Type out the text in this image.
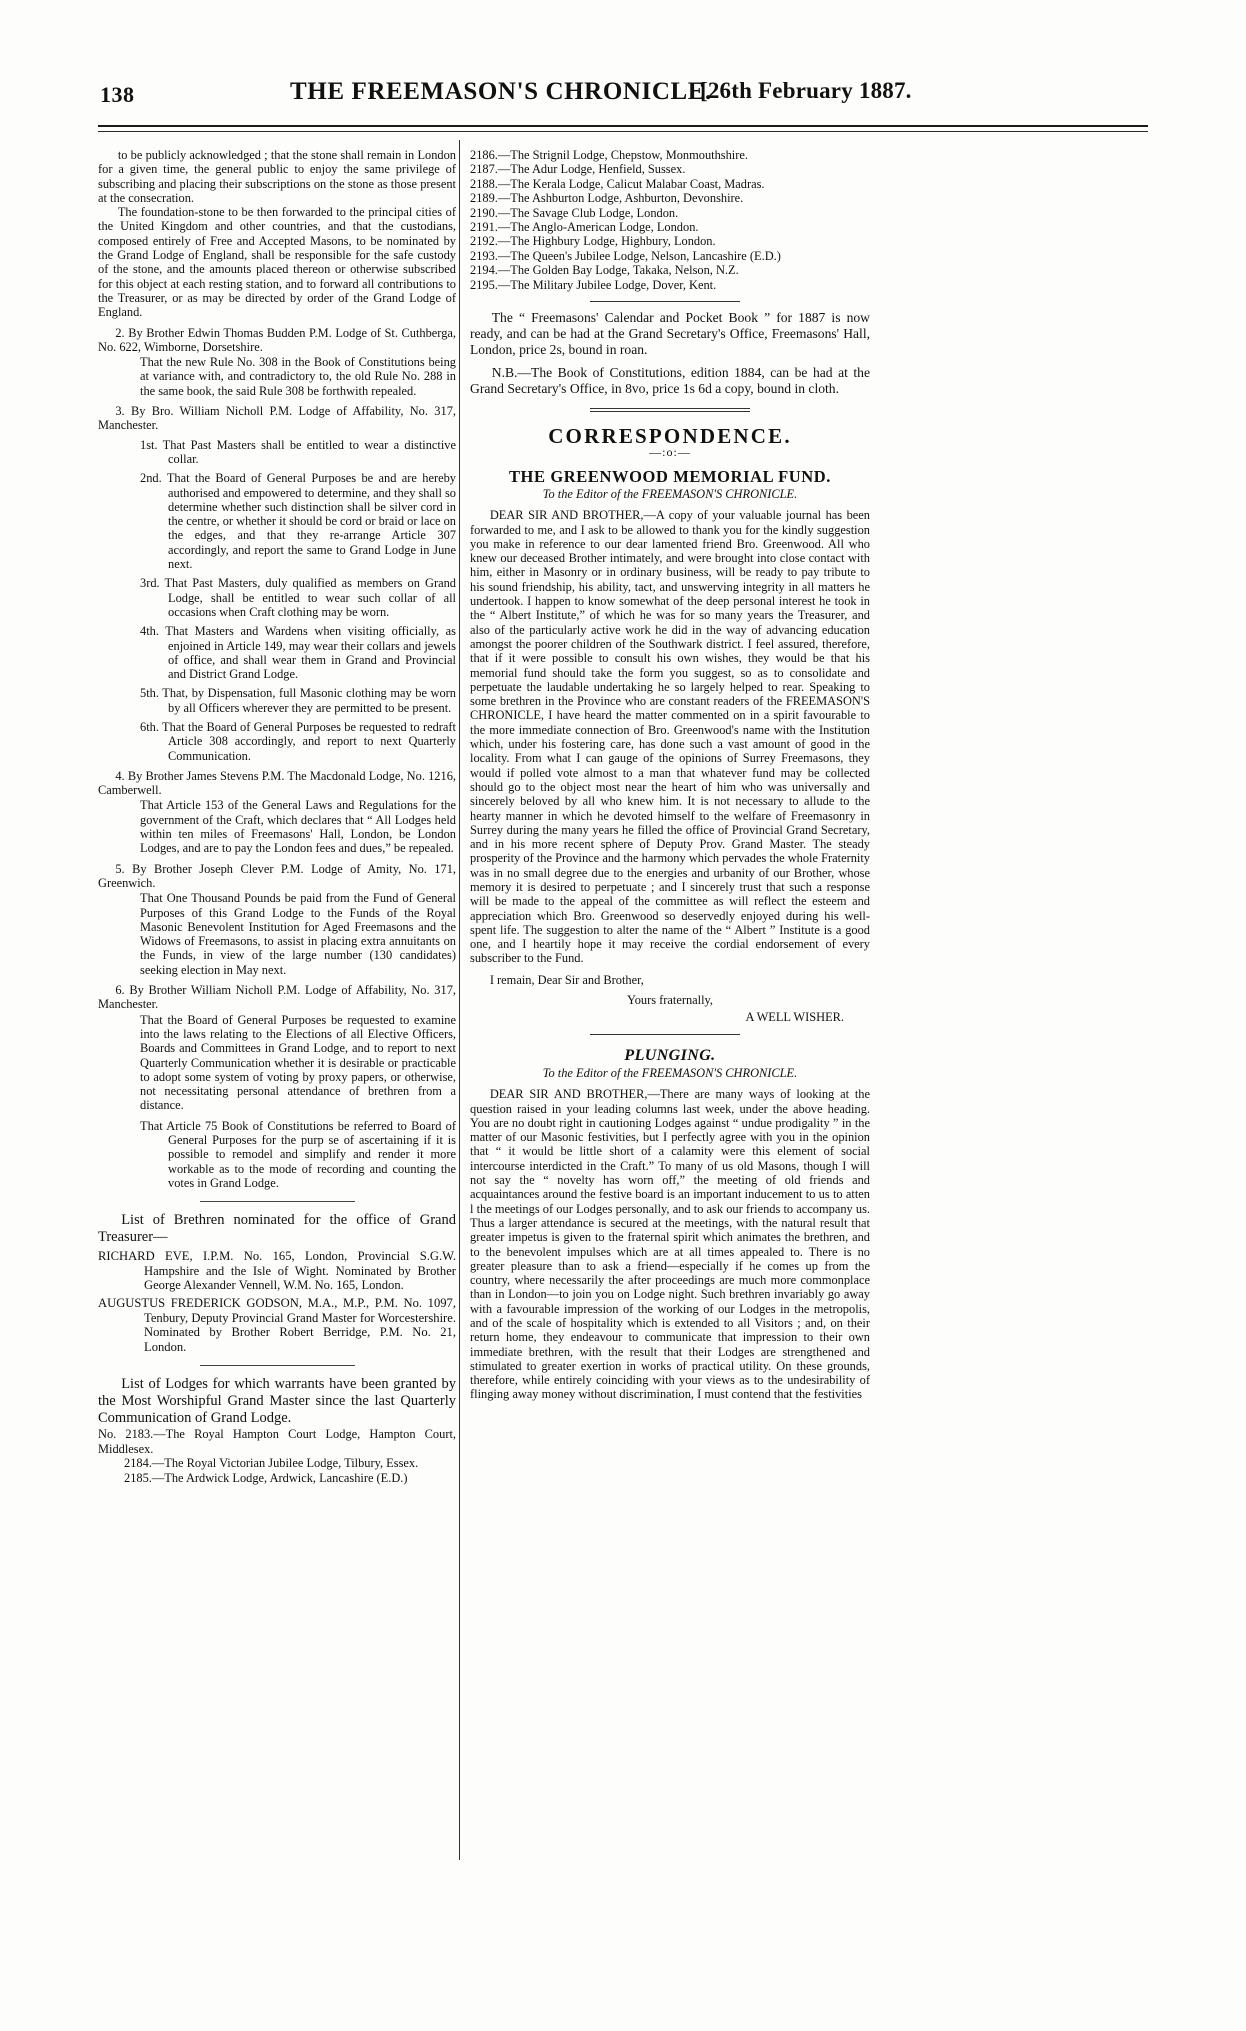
138	THE FREEMASON'S CHRONICLE.
[26th February 1887.

to be publicly acknowledged ; that the stone shall remain in London for a given time, the general public to enjoy the same privilege of subscribing and placing their subscriptions on the stone as those present at the consecration.

The foundation-stone to be then forwarded to the principal cities of the United Kingdom and other countries, and that the custodians, composed entirely of Free and Accepted Masons, to be nominated by the Grand Lodge of England, shall be responsible for the safe custody of the stone, and the amounts placed thereon or otherwise subscribed for this object at each resting station, and to forward all contributions to the Treasurer, or as may be directed by order of the Grand Lodge of England.

2. By Brother Edwin Thomas Budden P.M. Lodge of St. Cuthberga, No. 622, Wimborne, Dorsetshire.

That the new Rule No. 308 in the Book of Constitutions being at variance with, and contradictory to, the old Rule No. 288 in the same book, the said Rule 308 be forthwith repealed.

3. By Bro. William Nicholl P.M. Lodge of Affability, No. 317, Manchester.

1st. That Past Masters shall be entitled to wear a distinctive collar.

2nd. That the Board of General Purposes be and are hereby authorised and empowered to determine, and they shall so determine whether such distinction shall be silver cord in the centre, or whether it should be cord or braid or lace on the edges, and that they re-arrange Article 307 accordingly, and report the same to Grand Lodge in June next.

3rd. That Past Masters, duly qualified as members on Grand Lodge, shall be entitled to wear such collar of all occasions when Craft clothing may be worn.

4th. That Masters and Wardens when visiting officially, as enjoined in Article 149, may wear their collars and jewels of office, and shall wear them in Grand and Provincial and District Grand Lodge.

5th. That, by Dispensation, full Masonic clothing may be worn by all Officers wherever they are permitted to be present.

6th. That the Board of General Purposes be requested to redraft Article 308 accordingly, and report to next Quarterly Communication.

4. By Brother James Stevens P.M. The Macdonald Lodge, No. 1216, Camberwell.

That Article 153 of the General Laws and Regulations for the government of the Craft, which declares that “ All Lodges held within ten miles of Freemasons' Hall, London, be London Lodges, and are to pay the London fees and dues,” be repealed.

5. By Brother Joseph Clever P.M. Lodge of Amity, No. 171, Greenwich.

That One Thousand Pounds be paid from the Fund of General Purposes of this Grand Lodge to the Funds of the Royal Masonic Benevolent Institution for Aged Freemasons and the Widows of Freemasons, to assist in placing extra annuitants on the Funds, in view of the large number (130 candidates) seeking election in May next.

6. By Brother William Nicholl P.M. Lodge of Affability, No. 317, Manchester.

That the Board of General Purposes be requested to examine into the laws relating to the Elections of all Elective Officers, Boards and Committees in Grand Lodge, and to report to next Quarterly Communication whether it is desirable or practicable to adopt some system of voting by proxy papers, or otherwise, not necessitating personal attendance of brethren from a distance.

That Article 75 Book of Constitutions be referred to Board of General Purposes for the purp se of ascertaining if it is possible to remodel and simplify and render it more workable as to the mode of recording and counting the votes in Grand Lodge.

List of Brethren nominated for the office of Grand Treasurer—

RICHARD EVE, I.P.M. No. 165, London, Provincial S.G.W. Hampshire and the Isle of Wight. Nominated by Brother George Alexander Vennell, W.M. No. 165, London.

AUGUSTUS FREDERICK GODSON, M.A., M.P., P.M. No. 1097, Tenbury, Deputy Provincial Grand Master for Worcestershire. Nominated by Brother Robert Berridge, P.M. No. 21, London.

List of Lodges for which warrants have been granted by the Most Worshipful Grand Master since the last Quarterly Communication of Grand Lodge.

No. 2183.—The Royal Hampton Court Lodge, Hampton Court, Middlesex.

2184.—The Royal Victorian Jubilee Lodge, Tilbury, Essex.

2185.—The Ardwick Lodge, Ardwick, Lancashire (E.D.)

2186.—The Strignil Lodge, Chepstow, Monmouthshire.

2187.—The Adur Lodge, Henfield, Sussex.

2188.—The Kerala Lodge, Calicut Malabar Coast, Madras.

2189.—The Ashburton Lodge, Ashburton, Devonshire.

2190.—The Savage Club Lodge, London.

2191.—The Anglo-American Lodge, London.

2192.—The Highbury Lodge, Highbury, London.

2193.—The Queen's Jubilee Lodge, Nelson, Lancashire (E.D.)

2194.—The Golden Bay Lodge, Takaka, Nelson, N.Z.

2195.—The Military Jubilee Lodge, Dover, Kent.

The “ Freemasons' Calendar and Pocket Book ” for 1887 is now ready, and can be had at the Grand Secretary's Office, Freemasons' Hall, London, price 2s, bound in roan.

N.B.—The Book of Constitutions, edition 1884, can be had at the Grand Secretary's Office, in 8vo, price 1s 6d a copy, bound in cloth.

CORRESPONDENCE.
—:o:—
THE GREENWOOD MEMORIAL FUND.
To the Editor of the FREEMASON'S CHRONICLE.

DEAR SIR AND BROTHER,—A copy of your valuable journal has been forwarded to me, and I ask to be allowed to thank you for the kindly suggestion you make in reference to our dear lamented friend Bro. Greenwood. All who knew our deceased Brother intimately, and were brought into close contact with him, either in Masonry or in ordinary business, will be ready to pay tribute to his sound friendship, his ability, tact, and unswerving integrity in all matters he undertook. I happen to know somewhat of the deep personal interest he took in the “ Albert Institute,” of which he was for so many years the Treasurer, and also of the particularly active work he did in the way of advancing education amongst the poorer children of the Southwark district. I feel assured, therefore, that if it were possible to consult his own wishes, they would be that his memorial fund should take the form you suggest, so as to consolidate and perpetuate the laudable undertaking he so largely helped to rear. Speaking to some brethren in the Province who are constant readers of the FREEMASON'S CHRONICLE, I have heard the matter commented on in a spirit favourable to the more immediate connection of Bro. Greenwood's name with the Institution which, under his fostering care, has done such a vast amount of good in the locality. From what I can gauge of the opinions of Surrey Freemasons, they would if polled vote almost to a man that whatever fund may be collected should go to the object most near the heart of him who was universally and sincerely beloved by all who knew him. It is not necessary to allude to the hearty manner in which he devoted himself to the welfare of Freemasonry in Surrey during the many years he filled the office of Provincial Grand Secretary, and in his more recent sphere of Deputy Prov. Grand Master. The steady prosperity of the Province and the harmony which pervades the whole Fraternity was in no small degree due to the energies and urbanity of our Brother, whose memory it is desired to perpetuate ; and I sincerely trust that such a response will be made to the appeal of the committee as will reflect the esteem and appreciation which Bro. Greenwood so deservedly enjoyed during his well-spent life. The suggestion to alter the name of the “ Albert ” Institute is a good one, and I heartily hope it may receive the cordial endorsement of every subscriber to the Fund.

I remain, Dear Sir and Brother,

Yours fraternally,

A WELL WISHER.

PLUNGING.
To the Editor of the FREEMASON'S CHRONICLE.

DEAR SIR AND BROTHER,—There are many ways of looking at the question raised in your leading columns last week, under the above heading. You are no doubt right in cautioning Lodges against “ undue prodigality ” in the matter of our Masonic festivities, but I perfectly agree with you in the opinion that “ it would be little short of a calamity were this element of social intercourse interdicted in the Craft.” To many of us old Masons, though I will not say the “ novelty has worn off,” the meeting of old friends and acquaintances around the festive board is an important inducement to us to atten l the meetings of our Lodges personally, and to ask our friends to accompany us. Thus a larger attendance is secured at the meetings, with the natural result that greater impetus is given to the fraternal spirit which animates the brethren, and to the benevolent impulses which are at all times appealed to. There is no greater pleasure than to ask a friend—especially if he comes up from the country, where necessarily the after proceedings are much more commonplace than in London—to join you on Lodge night. Such brethren invariably go away with a favourable impression of the working of our Lodges in the metropolis, and of the scale of hospitality which is extended to all Visitors ; and, on their return home, they endeavour to communicate that impression to their own immediate brethren, with the result that their Lodges are strengthened and stimulated to greater exertion in works of practical utility. On these grounds, therefore, while entirely coinciding with your views as to the undesirability of flinging away money without discrimination, I must contend that the festivities
